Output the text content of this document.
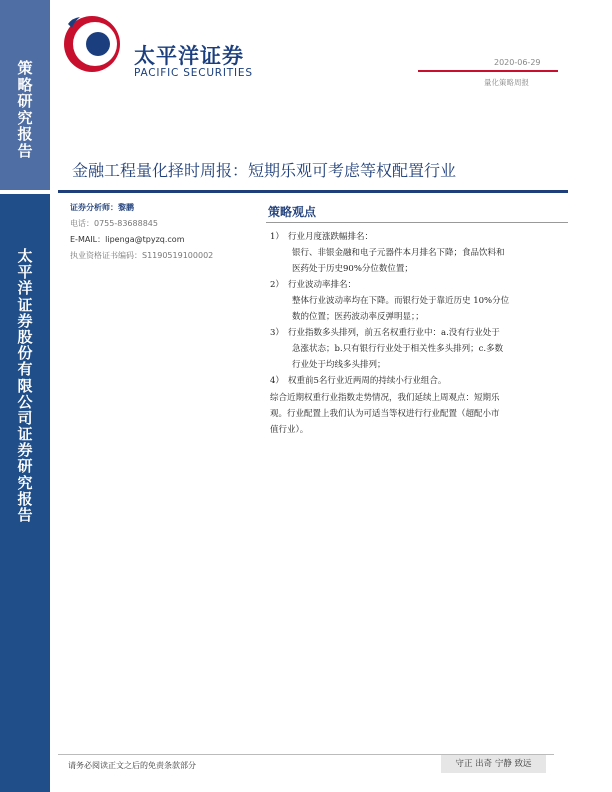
策
略
研
究
报
告
太
平
洋
证
券
股
份
有
限
公
司
证
券
研
究
报
告
太平洋证券
PACIFIC SECURITIES
2020-06-29
量化策略周报
金融工程量化择时周报：短期乐观可考虑等权配置行业
证券分析师：黎鹏
电话：0755-83688845
E-MAIL：lipenga@tpyzq.com
执业资格证书编码：S1190519100002
策略观点
1） 行业月度涨跌幅排名：
银行、非银金融和电子元器件本月排名下降；食品饮料和
医药处于历史90%分位数位置；
2） 行业波动率排名：
整体行业波动率均在下降。而银行处于靠近历史 10%分位
数的位置；医药波动率反弹明显；；
3） 行业指数多头排列，前五名权重行业中：a.没有行业处于
急涨状态；b.只有银行行业处于相关性多头排列；c.多数
行业处于均线多头排列；
4） 权重前5名行业近两周的持续小行业组合。
综合近期权重行业指数走势情况，我们延续上周观点：短期乐
观。行业配置上我们认为可适当等权进行行业配置（超配小市
值行业）。
请务必阅读正文之后的免责条款部分	守正 出奇 宁静 致远
